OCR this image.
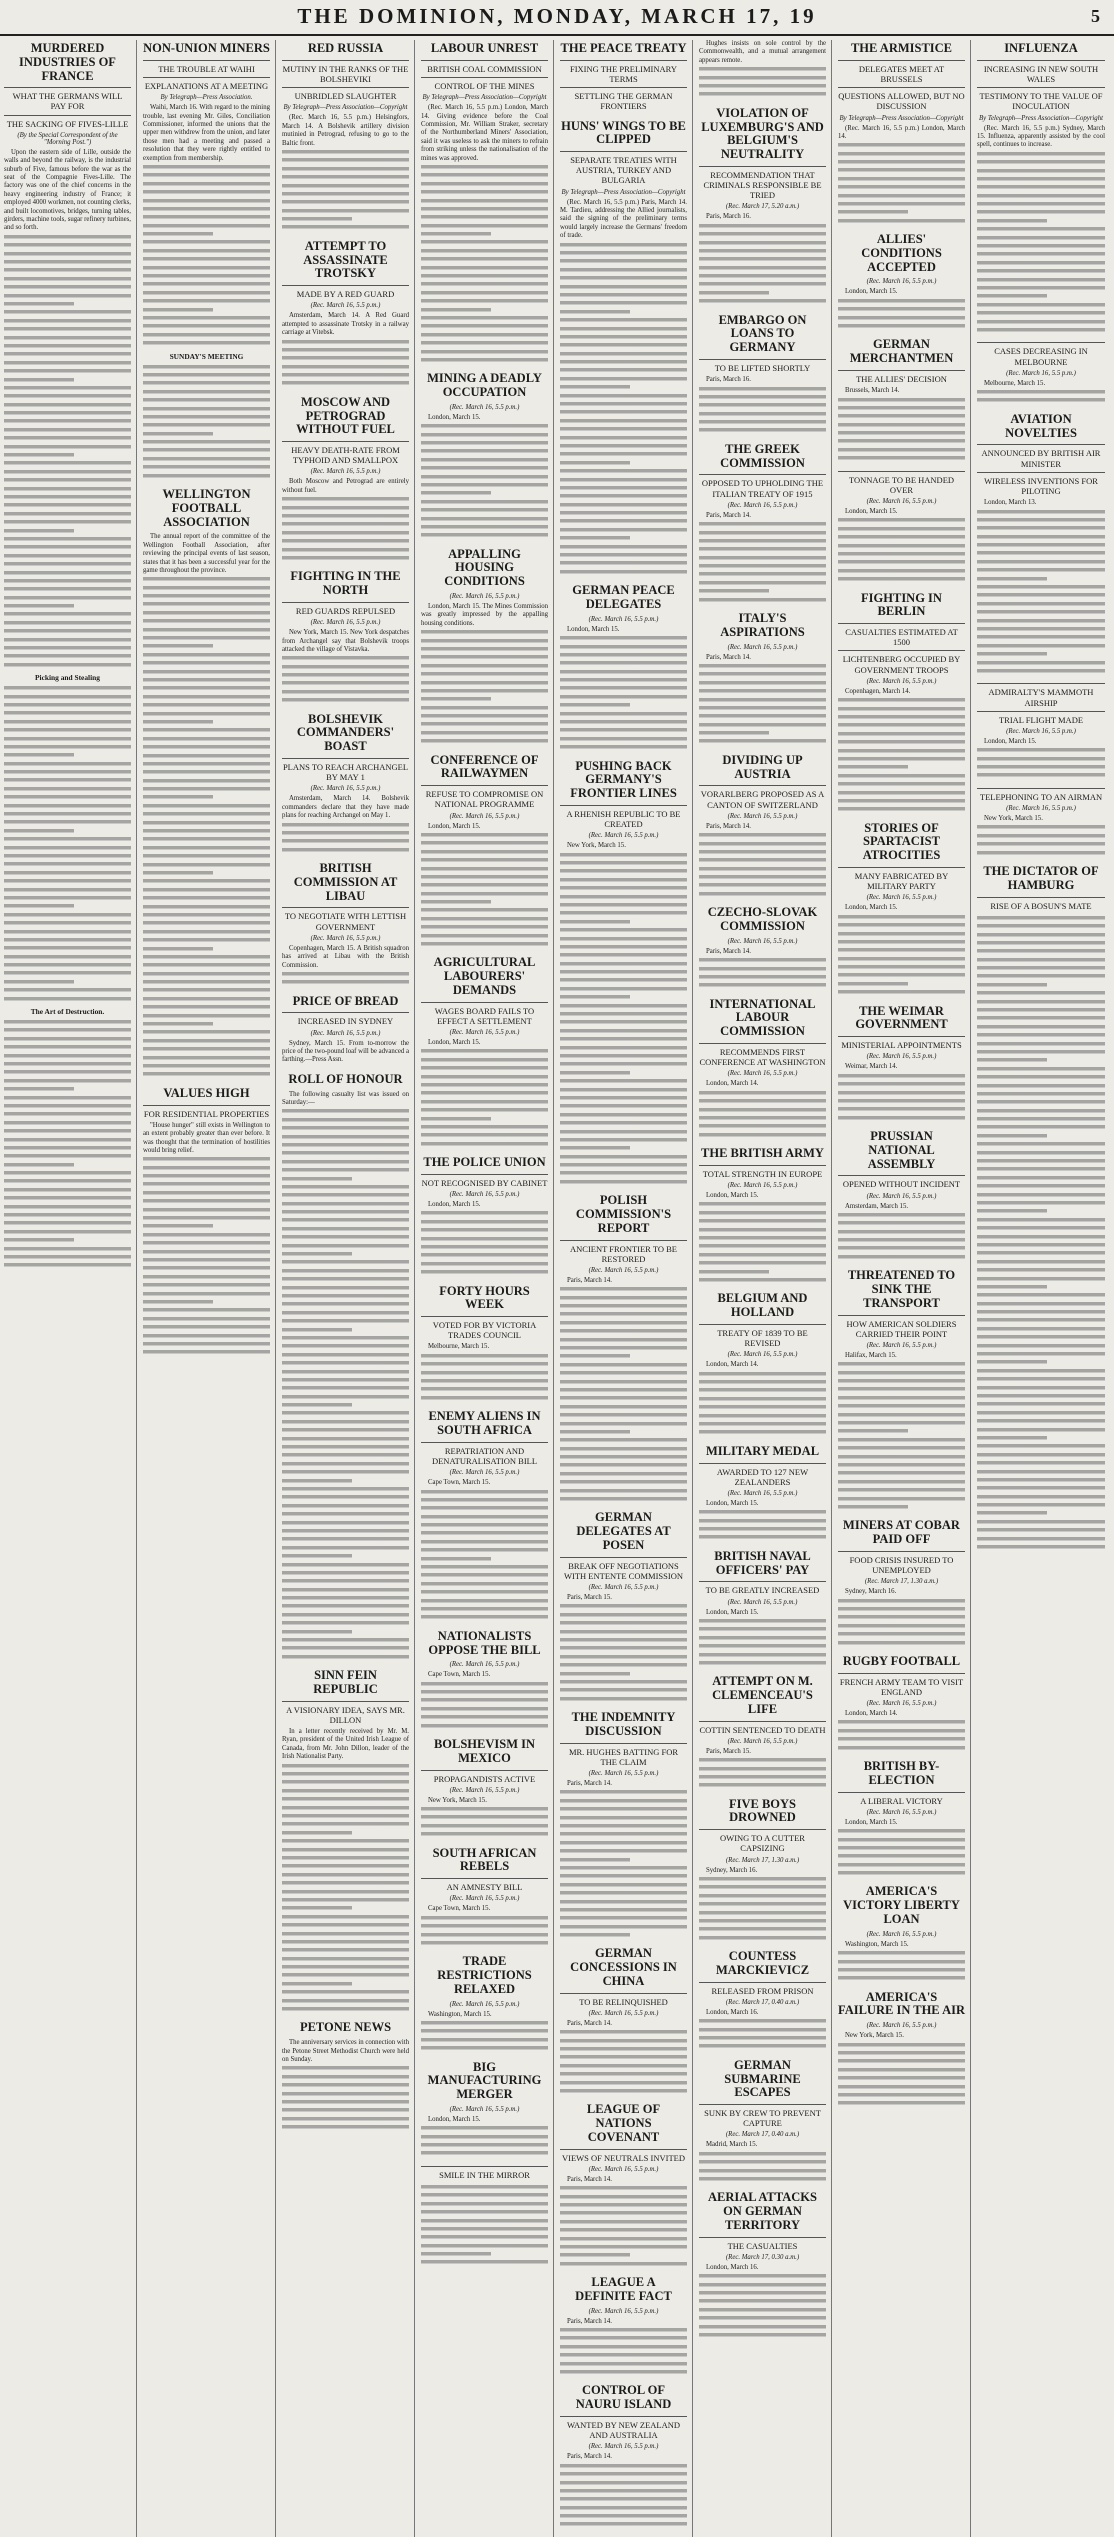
THE DOMINION, MONDAY, MARCH 17, 19	5
MURDERED INDUSTRIES OF FRANCE
WHAT THE GERMANS WILL PAY FOR
THE SACKING OF FIVES-LILLE
(By the Special Correspondent of the "Morning Post.")

Upon the eastern side of Lille, outside the walls and beyond the railway, is the industrial suburb of Five, famous before the war as the seat of the Compagnie Fives-Lille. The factory was one of the chief concerns in the heavy engineering industry of France; it employed 4000 workmen, not counting clerks, and built locomotives, bridges, turning tables, girders, machine tools, sugar refinery turbines, and so forth.

Picking and Stealing
The Art of Destruction.
NON-UNION MINERS
THE TROUBLE AT WAIHI
EXPLANATIONS AT A MEETING
By Telegraph—Press Association.

Waihi, March 16. With regard to the mining trouble, last evening Mr. Giles, Conciliation Commissioner, informed the unions that the upper men withdrew from the union, and later those men had a meeting and passed a resolution that they were rightly entitled to exemption from membership.

SUNDAY'S MEETING
WELLINGTON FOOTBALL ASSOCIATION

The annual report of the committee of the Wellington Football Association, after reviewing the principal events of last season, states that it has been a successful year for the game throughout the province.

VALUES HIGH
FOR RESIDENTIAL PROPERTIES

"House hunger" still exists in Wellington to an extent probably greater than ever before. It was thought that the termination of hostilities would bring relief.

RED RUSSIA
MUTINY IN THE RANKS OF THE BOLSHEVIKI
UNBRIDLED SLAUGHTER
By Telegraph—Press Association—Copyright

(Rec. March 16, 5.5 p.m.) Helsingfors, March 14. A Bolshevik artillery division mutinied in Petrograd, refusing to go to the Baltic front.

ATTEMPT TO ASSASSINATE TROTSKY
MADE BY A RED GUARD
(Rec. March 16, 5.5 p.m.)

Amsterdam, March 14. A Red Guard attempted to assassinate Trotsky in a railway carriage at Vitebsk.

MOSCOW AND PETROGRAD WITHOUT FUEL
HEAVY DEATH-RATE FROM TYPHOID AND SMALLPOX
(Rec. March 16, 5.5 p.m.)

Both Moscow and Petrograd are entirely without fuel.

FIGHTING IN THE NORTH
RED GUARDS REPULSED
(Rec. March 16, 5.5 p.m.)

New York, March 15. New York despatches from Archangel say that Bolshevik troops attacked the village of Vistavka.

BOLSHEVIK COMMANDERS' BOAST
PLANS TO REACH ARCHANGEL BY MAY 1
(Rec. March 16, 5.5 p.m.)

Amsterdam, March 14. Bolshevik commanders declare that they have made plans for reaching Archangel on May 1.

BRITISH COMMISSION AT LIBAU
TO NEGOTIATE WITH LETTISH GOVERNMENT
(Rec. March 16, 5.5 p.m.)

Copenhagen, March 15. A British squadron has arrived at Libau with the British Commission.

PRICE OF BREAD
INCREASED IN SYDNEY
(Rec. March 16, 5.5 p.m.)

Sydney, March 15. From to-morrow the price of the two-pound loaf will be advanced a farthing.—Press Assn.

ROLL OF HONOUR

The following casualty list was issued on Saturday:—

SINN FEIN REPUBLIC
A VISIONARY IDEA, SAYS MR. DILLON

In a letter recently received by Mr. M. Ryan, president of the United Irish League of Canada, from Mr. John Dillon, leader of the Irish Nationalist Party.

PETONE NEWS

The anniversary services in connection with the Petone Street Methodist Church were held on Sunday.

LABOUR UNREST
BRITISH COAL COMMISSION
CONTROL OF THE MINES
By Telegraph—Press Association—Copyright

(Rec. March 16, 5.5 p.m.) London, March 14. Giving evidence before the Coal Commission, Mr. William Straker, secretary of the Northumberland Miners' Association, said it was useless to ask the miners to refrain from striking unless the nationalisation of the mines was approved.

MINING A DEADLY OCCUPATION
(Rec. March 16, 5.5 p.m.)

London, March 15.

APPALLING HOUSING CONDITIONS
(Rec. March 16, 5.5 p.m.)

London, March 15. The Mines Commission was greatly impressed by the appalling housing conditions.

CONFERENCE OF RAILWAYMEN
REFUSE TO COMPROMISE ON NATIONAL PROGRAMME
(Rec. March 16, 5.5 p.m.)

London, March 15.

AGRICULTURAL LABOURERS' DEMANDS
WAGES BOARD FAILS TO EFFECT A SETTLEMENT
(Rec. March 16, 5.5 p.m.)

London, March 15.

THE POLICE UNION
NOT RECOGNISED BY CABINET
(Rec. March 16, 5.5 p.m.)

London, March 15.

FORTY HOURS WEEK
VOTED FOR BY VICTORIA TRADES COUNCIL

Melbourne, March 15.

ENEMY ALIENS IN SOUTH AFRICA
REPATRIATION AND DENATURALISATION BILL
(Rec. March 16, 5.5 p.m.)

Cape Town, March 15.

NATIONALISTS OPPOSE THE BILL
(Rec. March 16, 5.5 p.m.)

Cape Town, March 15.

BOLSHEVISM IN MEXICO
PROPAGANDISTS ACTIVE
(Rec. March 16, 5.5 p.m.)

New York, March 15.

SOUTH AFRICAN REBELS
AN AMNESTY BILL
(Rec. March 16, 5.5 p.m.)

Cape Town, March 15.

TRADE RESTRICTIONS RELAXED
(Rec. March 16, 5.5 p.m.)

Washington, March 15.

BIG MANUFACTURING MERGER
(Rec. March 16, 5.5 p.m.)

London, March 15.

SMILE IN THE MIRROR
THE PEACE TREATY
FIXING THE PRELIMINARY TERMS
SETTLING THE GERMAN FRONTIERS
HUNS' WINGS TO BE CLIPPED
SEPARATE TREATIES WITH AUSTRIA, TURKEY AND BULGARIA
By Telegraph—Press Association—Copyright

(Rec. March 16, 5.5 p.m.) Paris, March 14. M. Tardieu, addressing the Allied journalists, said the signing of the preliminary terms would largely increase the Germans' freedom of trade.

GERMAN PEACE DELEGATES
(Rec. March 16, 5.5 p.m.)

London, March 15.

PUSHING BACK GERMANY'S FRONTIER LINES
A RHENISH REPUBLIC TO BE CREATED
(Rec. March 16, 5.5 p.m.)

New York, March 15.

POLISH COMMISSION'S REPORT
ANCIENT FRONTIER TO BE RESTORED
(Rec. March 16, 5.5 p.m.)

Paris, March 14.

GERMAN DELEGATES AT POSEN
BREAK OFF NEGOTIATIONS WITH ENTENTE COMMISSION
(Rec. March 16, 5.5 p.m.)

Paris, March 15.

THE INDEMNITY DISCUSSION
MR. HUGHES BATTING FOR THE CLAIM
(Rec. March 16, 5.5 p.m.)

Paris, March 14.

GERMAN CONCESSIONS IN CHINA
TO BE RELINQUISHED
(Rec. March 16, 5.5 p.m.)

Paris, March 14.

LEAGUE OF NATIONS COVENANT
VIEWS OF NEUTRALS INVITED
(Rec. March 16, 5.5 p.m.)

Paris, March 14.

LEAGUE A DEFINITE FACT
(Rec. March 16, 5.5 p.m.)

Paris, March 14.

CONTROL OF NAURU ISLAND
WANTED BY NEW ZEALAND AND AUSTRALIA
(Rec. March 16, 5.5 p.m.)

Paris, March 14.

Hughes insists on sole control by the Commonwealth, and a mutual arrangement appears remote.

VIOLATION OF LUXEMBURG'S AND BELGIUM'S NEUTRALITY
RECOMMENDATION THAT CRIMINALS RESPONSIBLE BE TRIED
(Rec. March 17, 5.20 a.m.)

Paris, March 16.

EMBARGO ON LOANS TO GERMANY
TO BE LIFTED SHORTLY

Paris, March 16.

THE GREEK COMMISSION
OPPOSED TO UPHOLDING THE ITALIAN TREATY OF 1915
(Rec. March 16, 5.5 p.m.)

Paris, March 14.

ITALY'S ASPIRATIONS
(Rec. March 16, 5.5 p.m.)

Paris, March 14.

DIVIDING UP AUSTRIA
VORARLBERG PROPOSED AS A CANTON OF SWITZERLAND
(Rec. March 16, 5.5 p.m.)

Paris, March 14.

CZECHO-SLOVAK COMMISSION
(Rec. March 16, 5.5 p.m.)

Paris, March 14.

INTERNATIONAL LABOUR COMMISSION
RECOMMENDS FIRST CONFERENCE AT WASHINGTON
(Rec. March 16, 5.5 p.m.)

London, March 14.

THE BRITISH ARMY
TOTAL STRENGTH IN EUROPE
(Rec. March 16, 5.5 p.m.)

London, March 15.

BELGIUM AND HOLLAND
TREATY OF 1839 TO BE REVISED
(Rec. March 16, 5.5 p.m.)

London, March 14.

MILITARY MEDAL
AWARDED TO 127 NEW ZEALANDERS
(Rec. March 16, 5.5 p.m.)

London, March 15.

BRITISH NAVAL OFFICERS' PAY
TO BE GREATLY INCREASED
(Rec. March 16, 5.5 p.m.)

London, March 15.

ATTEMPT ON M. CLEMENCEAU'S LIFE
COTTIN SENTENCED TO DEATH
(Rec. March 16, 5.5 p.m.)

Paris, March 15.

FIVE BOYS DROWNED
OWING TO A CUTTER CAPSIZING
(Rec. March 17, 1.30 a.m.)

Sydney, March 16.

COUNTESS MARCKIEVICZ
RELEASED FROM PRISON
(Rec. March 17, 0.40 a.m.)

London, March 16.

GERMAN SUBMARINE ESCAPES
SUNK BY CREW TO PREVENT CAPTURE
(Rec. March 17, 0.40 a.m.)

Madrid, March 15.

AERIAL ATTACKS ON GERMAN TERRITORY
THE CASUALTIES
(Rec. March 17, 0.30 a.m.)

London, March 16.

THE ARMISTICE
DELEGATES MEET AT BRUSSELS
QUESTIONS ALLOWED, BUT NO DISCUSSION
By Telegraph—Press Association—Copyright

(Rec. March 16, 5.5 p.m.) London, March 14.

ALLIES' CONDITIONS ACCEPTED
(Rec. March 16, 5.5 p.m.)

London, March 15.

GERMAN MERCHANTMEN
THE ALLIES' DECISION

Brussels, March 14.

TONNAGE TO BE HANDED OVER
(Rec. March 16, 5.5 p.m.)

London, March 15.

FIGHTING IN BERLIN
CASUALTIES ESTIMATED AT 1500
LICHTENBERG OCCUPIED BY GOVERNMENT TROOPS
(Rec. March 16, 5.5 p.m.)

Copenhagen, March 14.

STORIES OF SPARTACIST ATROCITIES
MANY FABRICATED BY MILITARY PARTY
(Rec. March 16, 5.5 p.m.)

London, March 15.

THE WEIMAR GOVERNMENT
MINISTERIAL APPOINTMENTS
(Rec. March 16, 5.5 p.m.)

Weimar, March 14.

PRUSSIAN NATIONAL ASSEMBLY
OPENED WITHOUT INCIDENT
(Rec. March 16, 5.5 p.m.)

Amsterdam, March 15.

THREATENED TO SINK THE TRANSPORT
HOW AMERICAN SOLDIERS CARRIED THEIR POINT
(Rec. March 16, 5.5 p.m.)

Halifax, March 15.

MINERS AT COBAR PAID OFF
FOOD CRISIS INSURED TO UNEMPLOYED
(Rec. March 17, 1.30 a.m.)

Sydney, March 16.

RUGBY FOOTBALL
FRENCH ARMY TEAM TO VISIT ENGLAND
(Rec. March 16, 5.5 p.m.)

London, March 14.

BRITISH BY-ELECTION
A LIBERAL VICTORY
(Rec. March 16, 5.5 p.m.)

London, March 15.

AMERICA'S VICTORY LIBERTY LOAN
(Rec. March 16, 5.5 p.m.)

Washington, March 15.

AMERICA'S FAILURE IN THE AIR
(Rec. March 16, 5.5 p.m.)

New York, March 15.

INFLUENZA
INCREASING IN NEW SOUTH WALES
TESTIMONY TO THE VALUE OF INOCULATION
By Telegraph—Press Association—Copyright

(Rec. March 16, 5.5 p.m.) Sydney, March 15. Influenza, apparently assisted by the cool spell, continues to increase.

CASES DECREASING IN MELBOURNE
(Rec. March 16, 5.5 p.m.)

Melbourne, March 15.

AVIATION NOVELTIES
ANNOUNCED BY BRITISH AIR MINISTER
WIRELESS INVENTIONS FOR PILOTING

London, March 13.

ADMIRALTY'S MAMMOTH AIRSHIP
TRIAL FLIGHT MADE
(Rec. March 16, 5.5 p.m.)

London, March 15.

TELEPHONING TO AN AIRMAN
(Rec. March 16, 5.5 p.m.)

New York, March 15.

THE DICTATOR OF HAMBURG
RISE OF A BOSUN'S MATE
